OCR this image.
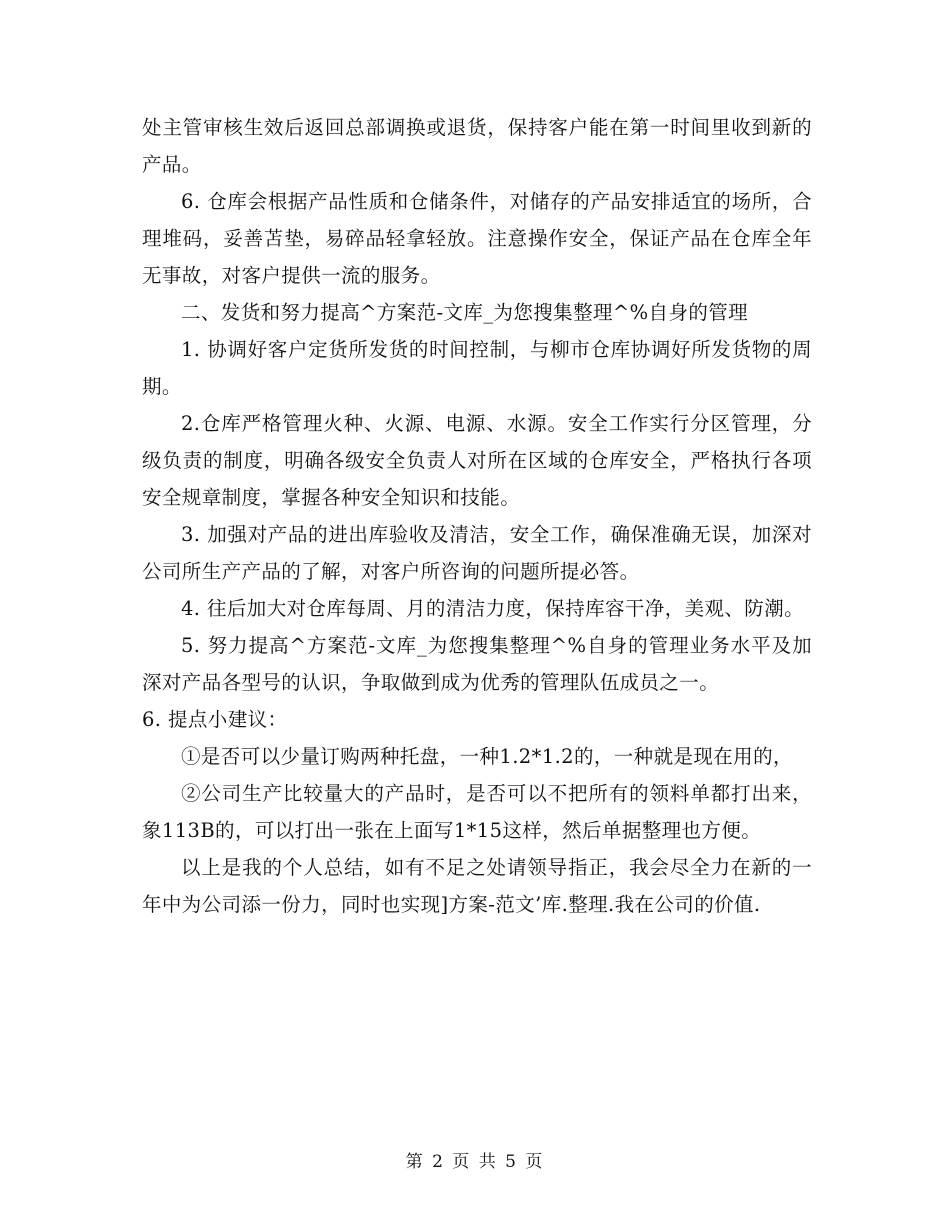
处主管审核生效后返回总部调换或退货，保持客户能在第一时间里收到新的产品。

6. 仓库会根据产品性质和仓储条件，对储存的产品安排适宜的场所，合理堆码，妥善苫垫，易碎品轻拿轻放。注意操作安全，保证产品在仓库全年无事故，对客户提供一流的服务。

二、发货和努力提高^方案范-文库_为您搜集整理^%自身的管理

1. 协调好客户定货所发货的时间控制，与柳市仓库协调好所发货物的周期。

2.仓库严格管理火种、火源、电源、水源。安全工作实行分区管理，分级负责的制度，明确各级安全负责人对所在区域的仓库安全，严格执行各项安全规章制度，掌握各种安全知识和技能。

3. 加强对产品的进出库验收及清洁，安全工作，确保准确无误，加深对公司所生产产品的了解，对客户所咨询的问题所提必答。

4. 往后加大对仓库每周、月的清洁力度，保持库容干净，美观、防潮。

5. 努力提高^方案范-文库_为您搜集整理^%自身的管理业务水平及加深对产品各型号的认识，争取做到成为优秀的管理队伍成员之一。

6. 提点小建议：

①是否可以少量订购两种托盘，一种1.2*1.2的，一种就是现在用的，

②公司生产比较量大的产品时，是否可以不把所有的领料单都打出来，象113B的，可以打出一张在上面写1*15这样，然后单据整理也方便。

以上是我的个人总结，如有不足之处请领导指正，我会尽全力在新的一年中为公司添一份力，同时也实现]方案-范文’库.整理.我在公司的价值.

第 2 页 共 5 页
